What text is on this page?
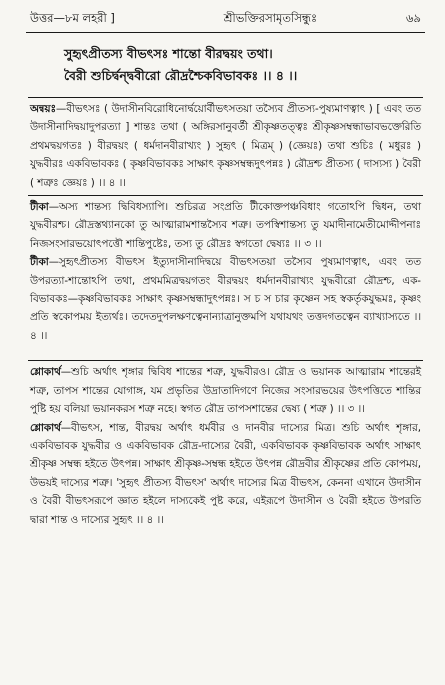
উত্তর—৮ম লহরী ]	শ্রীভক্তিরসামৃতসিন্ধুঃ	৬৯
সুহৃৎপ্রীতস্য বীভৎসঃ শান্তো বীরদ্বয়ং তথা।
বৈরী শুচির্দ্বন্দ্ববীরো রৌদ্রশ্চৈকবিভাবকঃ ।। ৪ ।।

অন্বয়ঃ—বীভৎসঃ ( উদাসীনবিরোধিনোর্দ্বয়োর্বীভৎসতয়া তস্যৈব প্রীতস্য-পুষ্যমাণত্বাৎ ) [ এবং তত উদাসীনাদিদ্বয়াদুপরত্যা ] শান্তঃ তথা ( অঙ্গিরসানুবর্তী শ্রীকৃষ্ণতত্ত্বঃ শ্রীকৃষ্ণসম্বন্ধাভাবভক্তেরিতি প্রথমদ্বয়গতঃ ) বীরদ্বয়ং ( ধর্মদানবীরাখ্যং ) সুহৃৎ ( মিত্রম্ ) (জ্ঞেয়ঃ) তথা শুচিঃ ( মধুরঃ ) যুদ্ধবীরঃ একবিভাবকঃ ( কৃষ্ণবিভাবকঃ সাক্ষাৎ কৃষ্ণসম্বন্ধদুৎপন্নঃ ) রৌদ্রশ্চ প্রীতস্য ( দাস্যস্য ) বৈরী ( শত্রুঃ জ্ঞেয়ঃ ) ।। ৪ ।।

টীকা—অস্য শান্তস্য দ্বিবিধস্যাপি। শুচিরত্র সংপ্রতি টীকোক্তপঞ্চবিধাং গতোঽপি দ্বিধন, তথা যুদ্ধবীরশ্চ। রৌদ্রস্তথ্যানকো তু আত্মারামশান্তস্যৈব শত্রু। তপস্বিশান্তস্য তু যমাদীনামেতীমোদ্দীপনাঃ নিজসংসারভয়োৎপত্তৌ শান্তিপুষ্টেঃ, তস্য তু রৌদ্রঃ স্বগতো দ্বেষ্যঃ ।। ৩ ।।

টীকা—সুহৃৎপ্রীতস্য বীভৎস ইত্যুদাসীনাদিদ্বয়ে বীভৎসতয়া তস্যৈব পুষ্যমাণত্বাৎ, এবং তত উপরত্যা-শান্তোঽপি তথা, প্রথমমিত্রদ্বয়গতং বীরদ্বয়ং ধর্মদানবীরাখ্যং যুদ্ধবীরো রৌদ্রশ্চ, এক-বিভাবকঃ—কৃষ্ণবিভাবকঃ সাক্ষাৎ কৃষ্ণসম্বন্ধাদুৎপন্নঃ। স চ স চার কৃষ্ণেন সহ স্বকর্তৃকযুদ্ধমঃ, কৃষ্ণং প্রতি স্বকোপময় ইত্যর্থঃ। তদেতদুপলক্ষণত্বেনান্যাত্রানুক্তমপি যথাযথং তত্তদগতত্বেন ব্যাখ্যাস্যতে ।। ৪ ।।

শ্লোকার্থ—শুচি অর্থাৎ শৃঙ্গার দ্বিবিধ শান্তের শত্রু, যুদ্ধবীরও। রৌদ্র ও ভয়ানক আত্মারাম শান্তেরই শত্রু, তাপস শান্তের যোগাঙ্গ, যম প্রভৃতির উদ্রাতাদিগণে নিজের সংসারভয়ের উৎপত্তিতে শান্তির পুষ্টি হয় বলিয়া ভয়ানকরস শত্রু নহে। স্বগত রৌদ্র তাপসশান্তের দ্বেষ্য ( শত্রু ) ।। ৩ ।।

শ্লোকার্থ—বীভৎস, শান্ত, বীরদ্বয় অর্থাৎ ধর্মবীর ও দানবীর দাস্যের মিত্র। শুচি অর্থাৎ শৃঙ্গার, একবিভাবক যুদ্ধবীর ও একবিভাবক রৌদ্র-দাস্যের বৈরী, একবিভাবক কৃষ্ণবিভাবক অর্থাৎ সাক্ষাৎ শ্রীকৃষ্ণ সম্বন্ধ হইতে উৎপন্ন। সাক্ষাৎ শ্রীকৃষ্ণ-সম্বন্ধ হইতে উৎপন্ন রৌদ্রবীর শ্রীকৃষ্ণের প্রতি কোপময়, উভয়ই দাস্যের শত্রু। 'সুহৃৎ প্রীতস্য বীভৎস' অর্থাৎ দাস্যের মিত্র বীভৎস, কেননা এখানে উদাসীন ও বৈরী বীভৎসরূপে জ্ঞাত হইলে দাস্যকেই পুষ্ট করে, এইরূপে উদাসীন ও বৈরী হইতে উপরতি দ্বারা শান্ত ও দাস্যের সুহৃৎ ।। ৪ ।।
